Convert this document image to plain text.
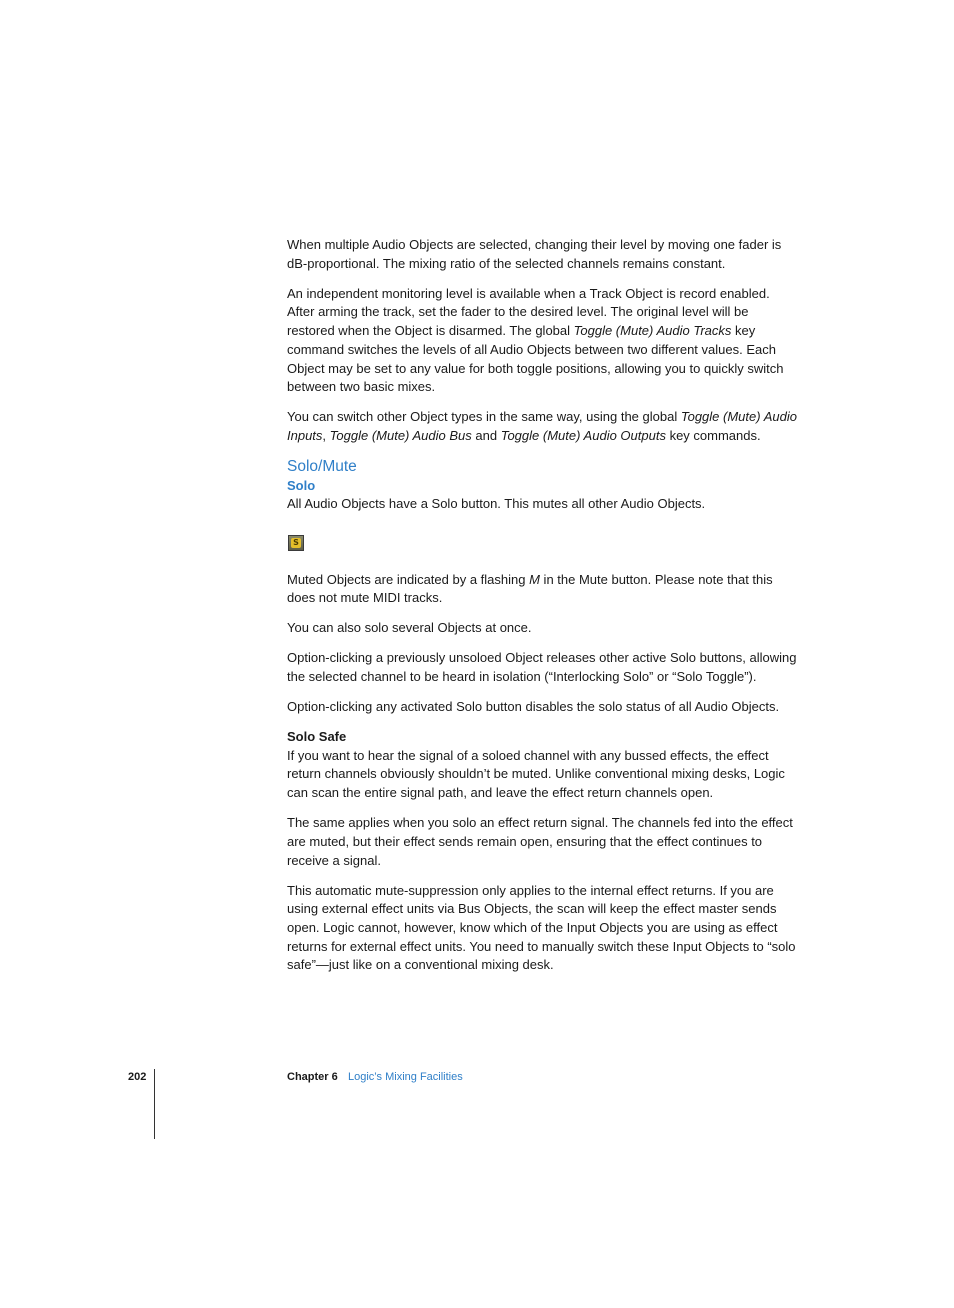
When multiple Audio Objects are selected, changing their level by moving one fader is dB-proportional. The mixing ratio of the selected channels remains constant.

An independent monitoring level is available when a Track Object is record enabled. After arming the track, set the fader to the desired level. The original level will be restored when the Object is disarmed. The global Toggle (Mute) Audio Tracks key command switches the levels of all Audio Objects between two different values. Each Object may be set to any value for both toggle positions, allowing you to quickly switch between two basic mixes.

You can switch other Object types in the same way, using the global Toggle (Mute) Audio Inputs, Toggle (Mute) Audio Bus and Toggle (Mute) Audio Outputs key commands.

Solo/Mute
Solo

All Audio Objects have a Solo button. This mutes all other Audio Objects.

S

Muted Objects are indicated by a flashing M in the Mute button. Please note that this does not mute MIDI tracks.

You can also solo several Objects at once.

Option-clicking a previously unsoloed Object releases other active Solo buttons, allowing the selected channel to be heard in isolation (“Interlocking Solo” or “Solo Toggle”).

Option-clicking any activated Solo button disables the solo status of all Audio Objects.

Solo Safe

If you want to hear the signal of a soloed channel with any bussed effects, the effect return channels obviously shouldn’t be muted. Unlike conventional mixing desks, Logic can scan the entire signal path, and leave the effect return channels open.

The same applies when you solo an effect return signal. The channels fed into the effect are muted, but their effect sends remain open, ensuring that the effect continues to receive a signal.

This automatic mute-suppression only applies to the internal effect returns. If you are using external effect units via Bus Objects, the scan will keep the effect master sends open. Logic cannot, however, know which of the Input Objects you are using as effect returns for external effect units. You need to manually switch these Input Objects to “solo safe”—just like on a conventional mixing desk.

202	Chapter 6 Logic’s Mixing Facilities
